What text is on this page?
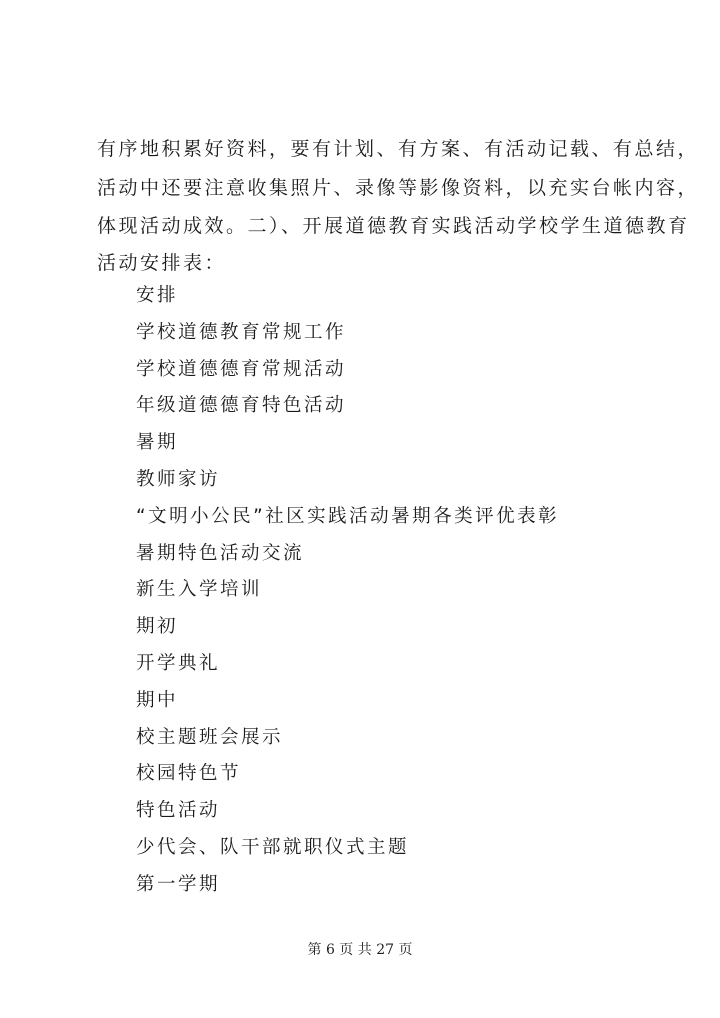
有序地积累好资料，要有计划、有方案、有活动记载、有总结，
活动中还要注意收集照片、录像等影像资料，以充实台帐内容，
体现活动成效。二）、开展道德教育实践活动学校学生道德教育
活动安排表：
安排
学校道德教育常规工作
学校道德德育常规活动
年级道德德育特色活动
暑期
教师家访
“文明小公民”社区实践活动暑期各类评优表彰
暑期特色活动交流
新生入学培训
期初
开学典礼
期中
校主题班会展示
校园特色节
特色活动
少代会、队干部就职仪式主题
第一学期
第 6 页 共 27 页
